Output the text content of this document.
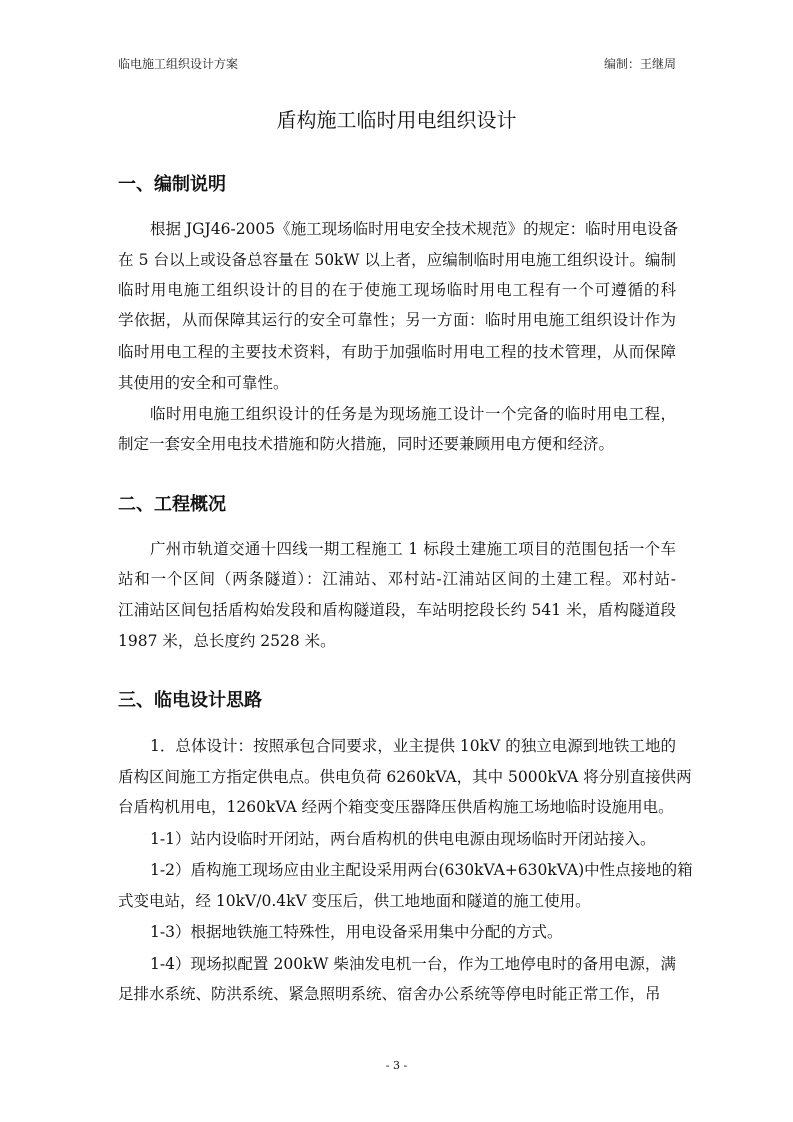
临电施工组织设计方案	编制：王继周
盾构施工临时用电组织设计
一、编制说明
根据 JGJ46-2005《施工现场临时用电安全技术规范》的规定：临时用电设备
在 5 台以上或设备总容量在 50kW 以上者，应编制临时用电施工组织设计。编制
临时用电施工组织设计的目的在于使施工现场临时用电工程有一个可遵循的科
学依据，从而保障其运行的安全可靠性；另一方面：临时用电施工组织设计作为
临时用电工程的主要技术资料，有助于加强临时用电工程的技术管理，从而保障
其使用的安全和可靠性。
临时用电施工组织设计的任务是为现场施工设计一个完备的临时用电工程，
制定一套安全用电技术措施和防火措施，同时还要兼顾用电方便和经济。
二、工程概况
广州市轨道交通十四线一期工程施工 1 标段土建施工项目的范围包括一个车
站和一个区间（两条隧道）：江浦站、邓村站-江浦站区间的土建工程。邓村站-
江浦站区间包括盾构始发段和盾构隧道段，车站明挖段长约 541 米，盾构隧道段
1987 米，总长度约 2528 米。
三、临电设计思路
1．总体设计：按照承包合同要求，业主提供 10kV 的独立电源到地铁工地的
盾构区间施工方指定供电点。供电负荷 6260kVA，其中 5000kVA 将分别直接供两
台盾构机用电，1260kVA 经两个箱变变压器降压供盾构施工场地临时设施用电。
1-1）站内设临时开闭站，两台盾构机的供电电源由现场临时开闭站接入。
1-2）盾构施工现场应由业主配设采用两台(630kVA+630kVA)中性点接地的箱
式变电站，经 10kV/0.4kV 变压后，供工地地面和隧道的施工使用。
1-3）根据地铁施工特殊性，用电设备采用集中分配的方式。
1-4）现场拟配置 200kW 柴油发电机一台，作为工地停电时的备用电源，满
足排水系统、防洪系统、紧急照明系统、宿舍办公系统等停电时能正常工作，吊
- 3 -
